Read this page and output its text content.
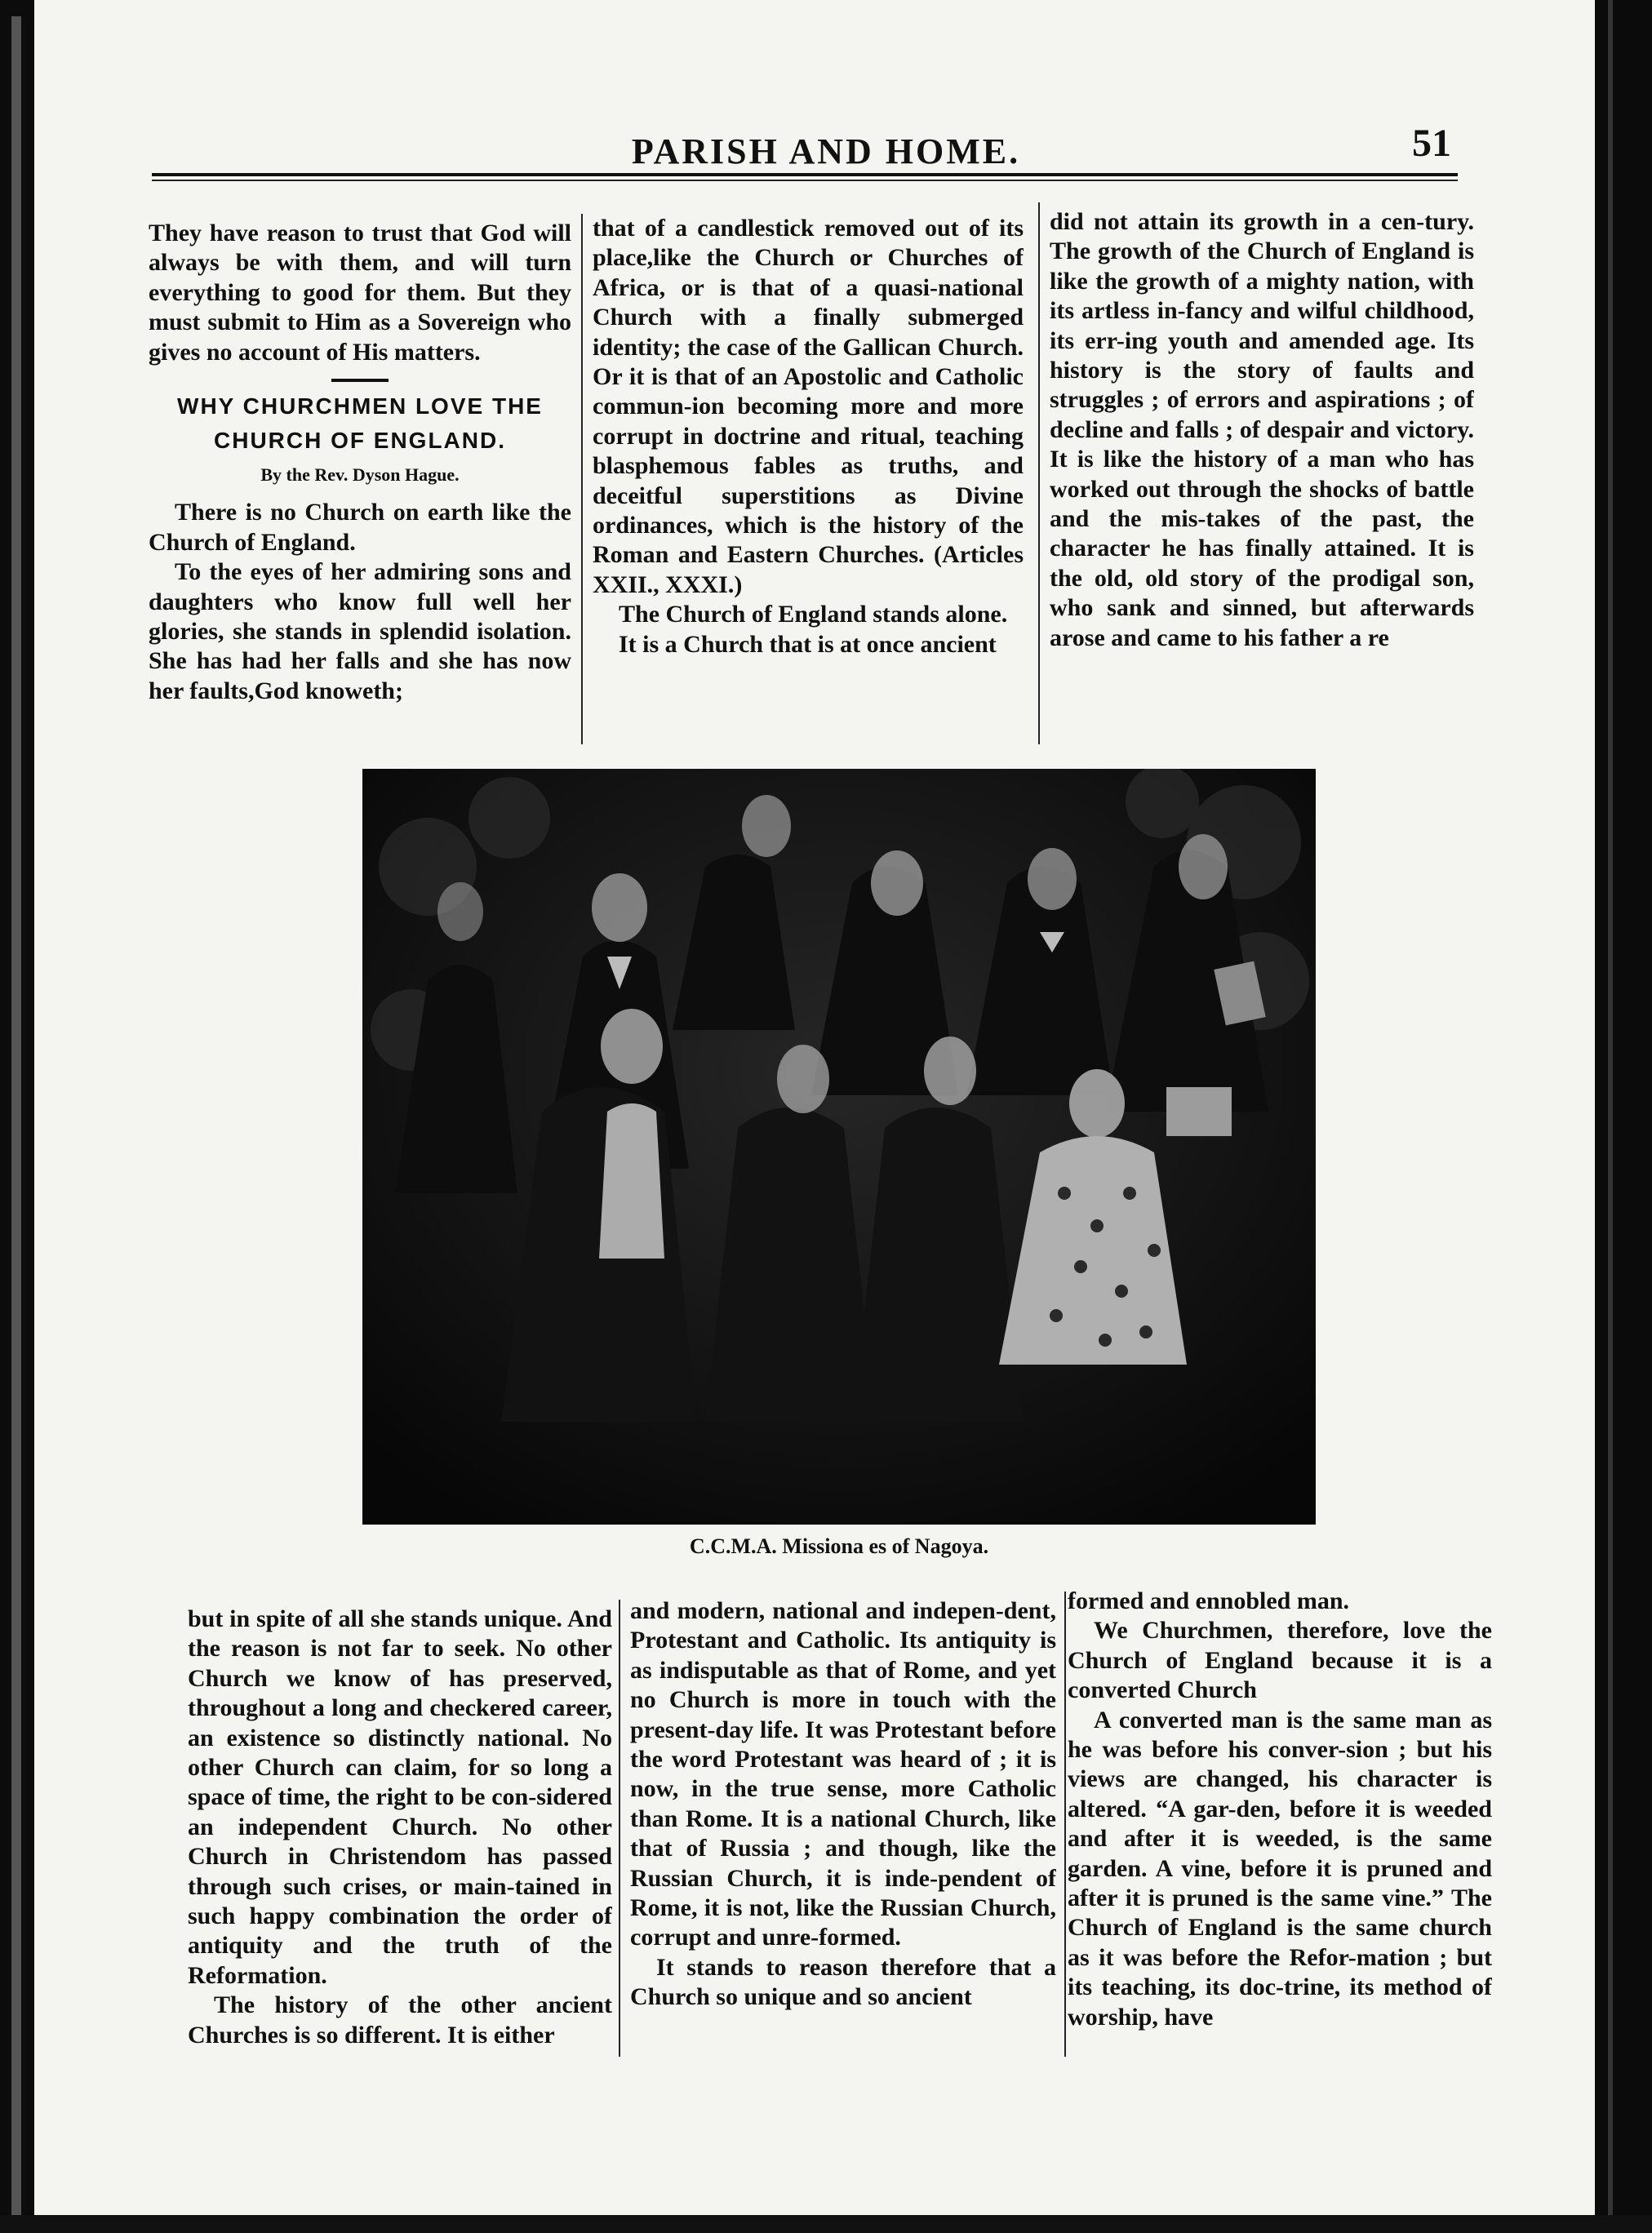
PARISH AND HOME.	51

They have reason to trust that God will always be with them, and will turn everything to good for them. But they must submit to Him as a Sovereign who gives no account of His matters.

WHY CHURCHMEN LOVE THE
CHURCH OF ENGLAND.
By the Rev. Dyson Hague.

There is no Church on earth like the Church of England.

To the eyes of her admiring sons and daughters who know full well her glories, she stands in splendid isolation. She has had her falls and she has now her faults,God knoweth;

that of a candlestick removed out of its place,like the Church or Churches of Africa, or is that of a quasi-national Church with a finally submerged identity; the case of the Gallican Church. Or it is that of an Apostolic and Catholic commun-ion becoming more and more corrupt in doctrine and ritual, teaching blasphemous fables as truths, and deceitful superstitions as Divine ordinances, which is the history of the Roman and Eastern Churches. (Articles XXII., XXXI.)

The Church of England stands alone.

It is a Church that is at once ancient

did not attain its growth in a cen-tury. The growth of the Church of England is like the growth of a mighty nation, with its artless in-fancy and wilful childhood, its err-ing youth and amended age. Its history is the story of faults and struggles ; of errors and aspirations ; of decline and falls ; of despair and victory. It is like the history of a man who has worked out through the shocks of battle and the mis-takes of the past, the character he has finally attained. It is the old, old story of the prodigal son, who sank and sinned, but afterwards arose and came to his father a re

C.C.M.A. Missiona es of Nagoya.

but in spite of all she stands unique. And the reason is not far to seek. No other Church we know of has preserved, throughout a long and checkered career, an existence so distinctly national. No other Church can claim, for so long a space of time, the right to be con-sidered an independent Church. No other Church in Christendom has passed through such crises, or main-tained in such happy combination the order of antiquity and the truth of the Reformation.

The history of the other ancient Churches is so different. It is either

and modern, national and indepen-dent, Protestant and Catholic. Its antiquity is as indisputable as that of Rome, and yet no Church is more in touch with the present-day life. It was Protestant before the word Protestant was heard of ; it is now, in the true sense, more Catholic than Rome. It is a national Church, like that of Russia ; and though, like the Russian Church, it is inde-pendent of Rome, it is not, like the Russian Church, corrupt and unre-formed.

It stands to reason therefore that a Church so unique and so ancient

formed and ennobled man.

We Churchmen, therefore, love the Church of England because it is a converted Church

A converted man is the same man as he was before his conver-sion ; but his views are changed, his character is altered. “A gar-den, before it is weeded and after it is weeded, is the same garden. A vine, before it is pruned and after it is pruned is the same vine.” The Church of England is the same church as it was before the Refor-mation ; but its teaching, its doc-trine, its method of worship, have
